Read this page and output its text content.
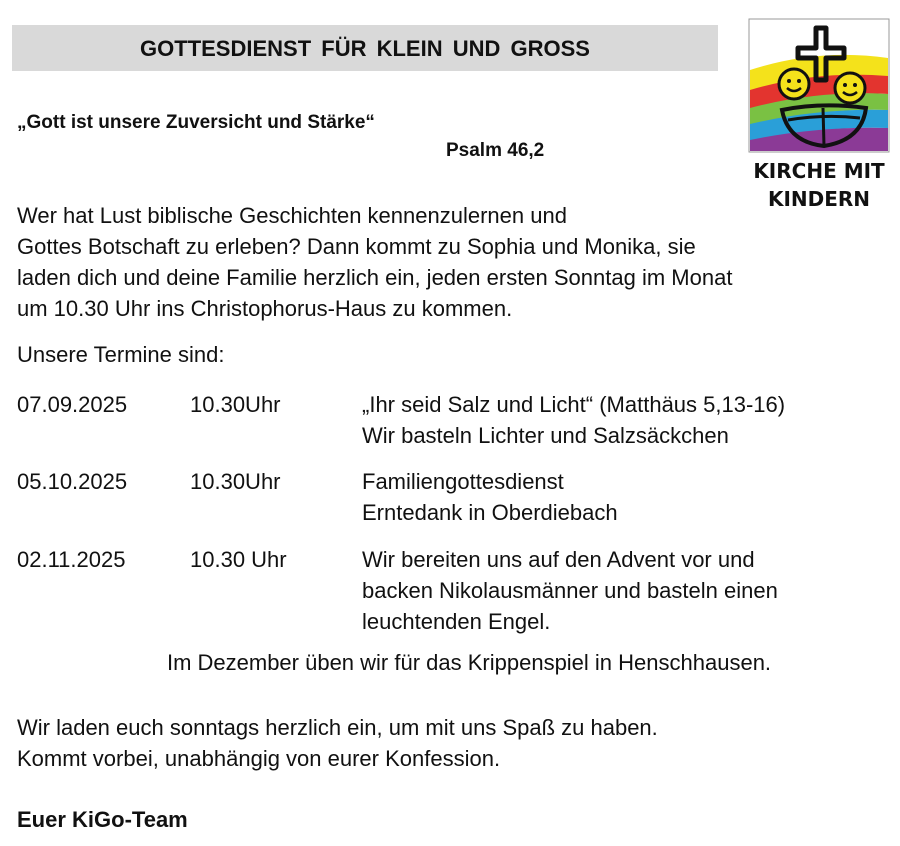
GOTTESDIENST FÜR KLEIN UND GROSS
KIRCHE MIT
KINDERN
„Gott ist unsere Zuversicht und Stärke“
Psalm 46,2
Wer hat Lust biblische Geschichten kennenzulernen und
Gottes Botschaft zu erleben? Dann kommt zu Sophia und Monika, sie
laden dich und deine Familie herzlich ein, jeden ersten Sonntag im Monat
um 10.30 Uhr ins Christophorus-Haus zu kommen.
Unsere Termine sind:
07.09.2025	10.30Uhr	„Ihr seid Salz und Licht“ (Matthäus 5,13-16)
Wir basteln Lichter und Salzsäckchen
05.10.2025	10.30Uhr	Familiengottesdienst
Erntedank in Oberdiebach
02.11.2025	10.30 Uhr	Wir bereiten uns auf den Advent vor und
backen Nikolausmänner und basteln einen
leuchtenden Engel.
Im Dezember üben wir für das Krippenspiel in Henschhausen.
Wir laden euch sonntags herzlich ein, um mit uns Spaß zu haben.
Kommt vorbei, unabhängig von eurer Konfession.
Euer KiGo-Team
